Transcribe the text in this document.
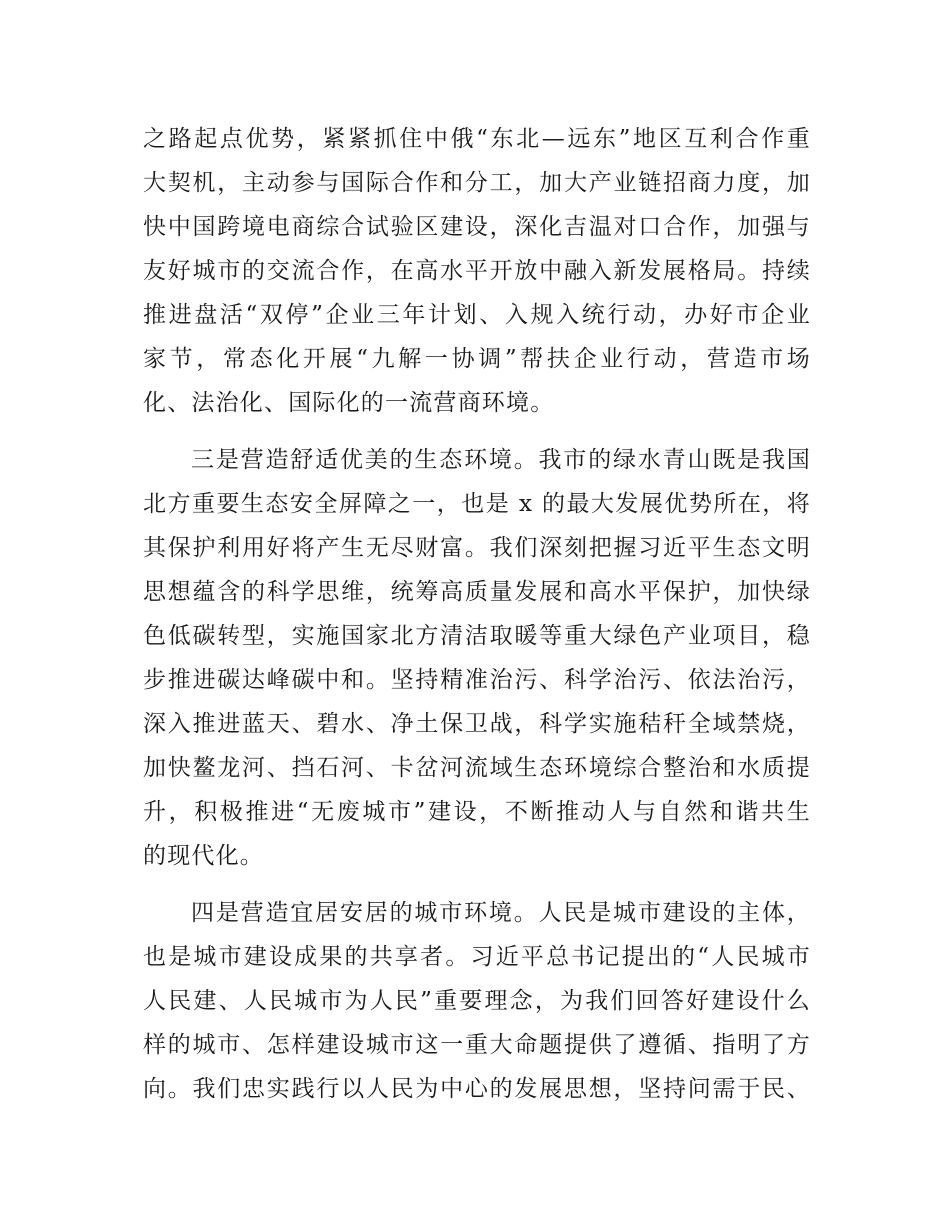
之路起点优势，紧紧抓住中俄“东北—远东”地区互利合作重
大契机，主动参与国际合作和分工，加大产业链招商力度，加
快中国跨境电商综合试验区建设，深化吉温对口合作，加强与
友好城市的交流合作，在高水平开放中融入新发展格局。持续
推进盘活“双停”企业三年计划、入规入统行动，办好市企业
家节，常态化开展“九解一协调”帮扶企业行动，营造市场
化、法治化、国际化的一流营商环境。
三是营造舒适优美的生态环境。我市的绿水青山既是我国
北方重要生态安全屏障之一，也是 x 的最大发展优势所在，将
其保护利用好将产生无尽财富。我们深刻把握习近平生态文明
思想蕴含的科学思维，统筹高质量发展和高水平保护，加快绿
色低碳转型，实施国家北方清洁取暖等重大绿色产业项目，稳
步推进碳达峰碳中和。坚持精准治污、科学治污、依法治污，
深入推进蓝天、碧水、净土保卫战，科学实施秸秆全域禁烧，
加快鳌龙河、挡石河、卡岔河流域生态环境综合整治和水质提
升，积极推进“无废城市”建设，不断推动人与自然和谐共生
的现代化。
四是营造宜居安居的城市环境。人民是城市建设的主体，
也是城市建设成果的共享者。习近平总书记提出的“人民城市
人民建、人民城市为人民”重要理念，为我们回答好建设什么
样的城市、怎样建设城市这一重大命题提供了遵循、指明了方
向。我们忠实践行以人民为中心的发展思想，坚持问需于民、
